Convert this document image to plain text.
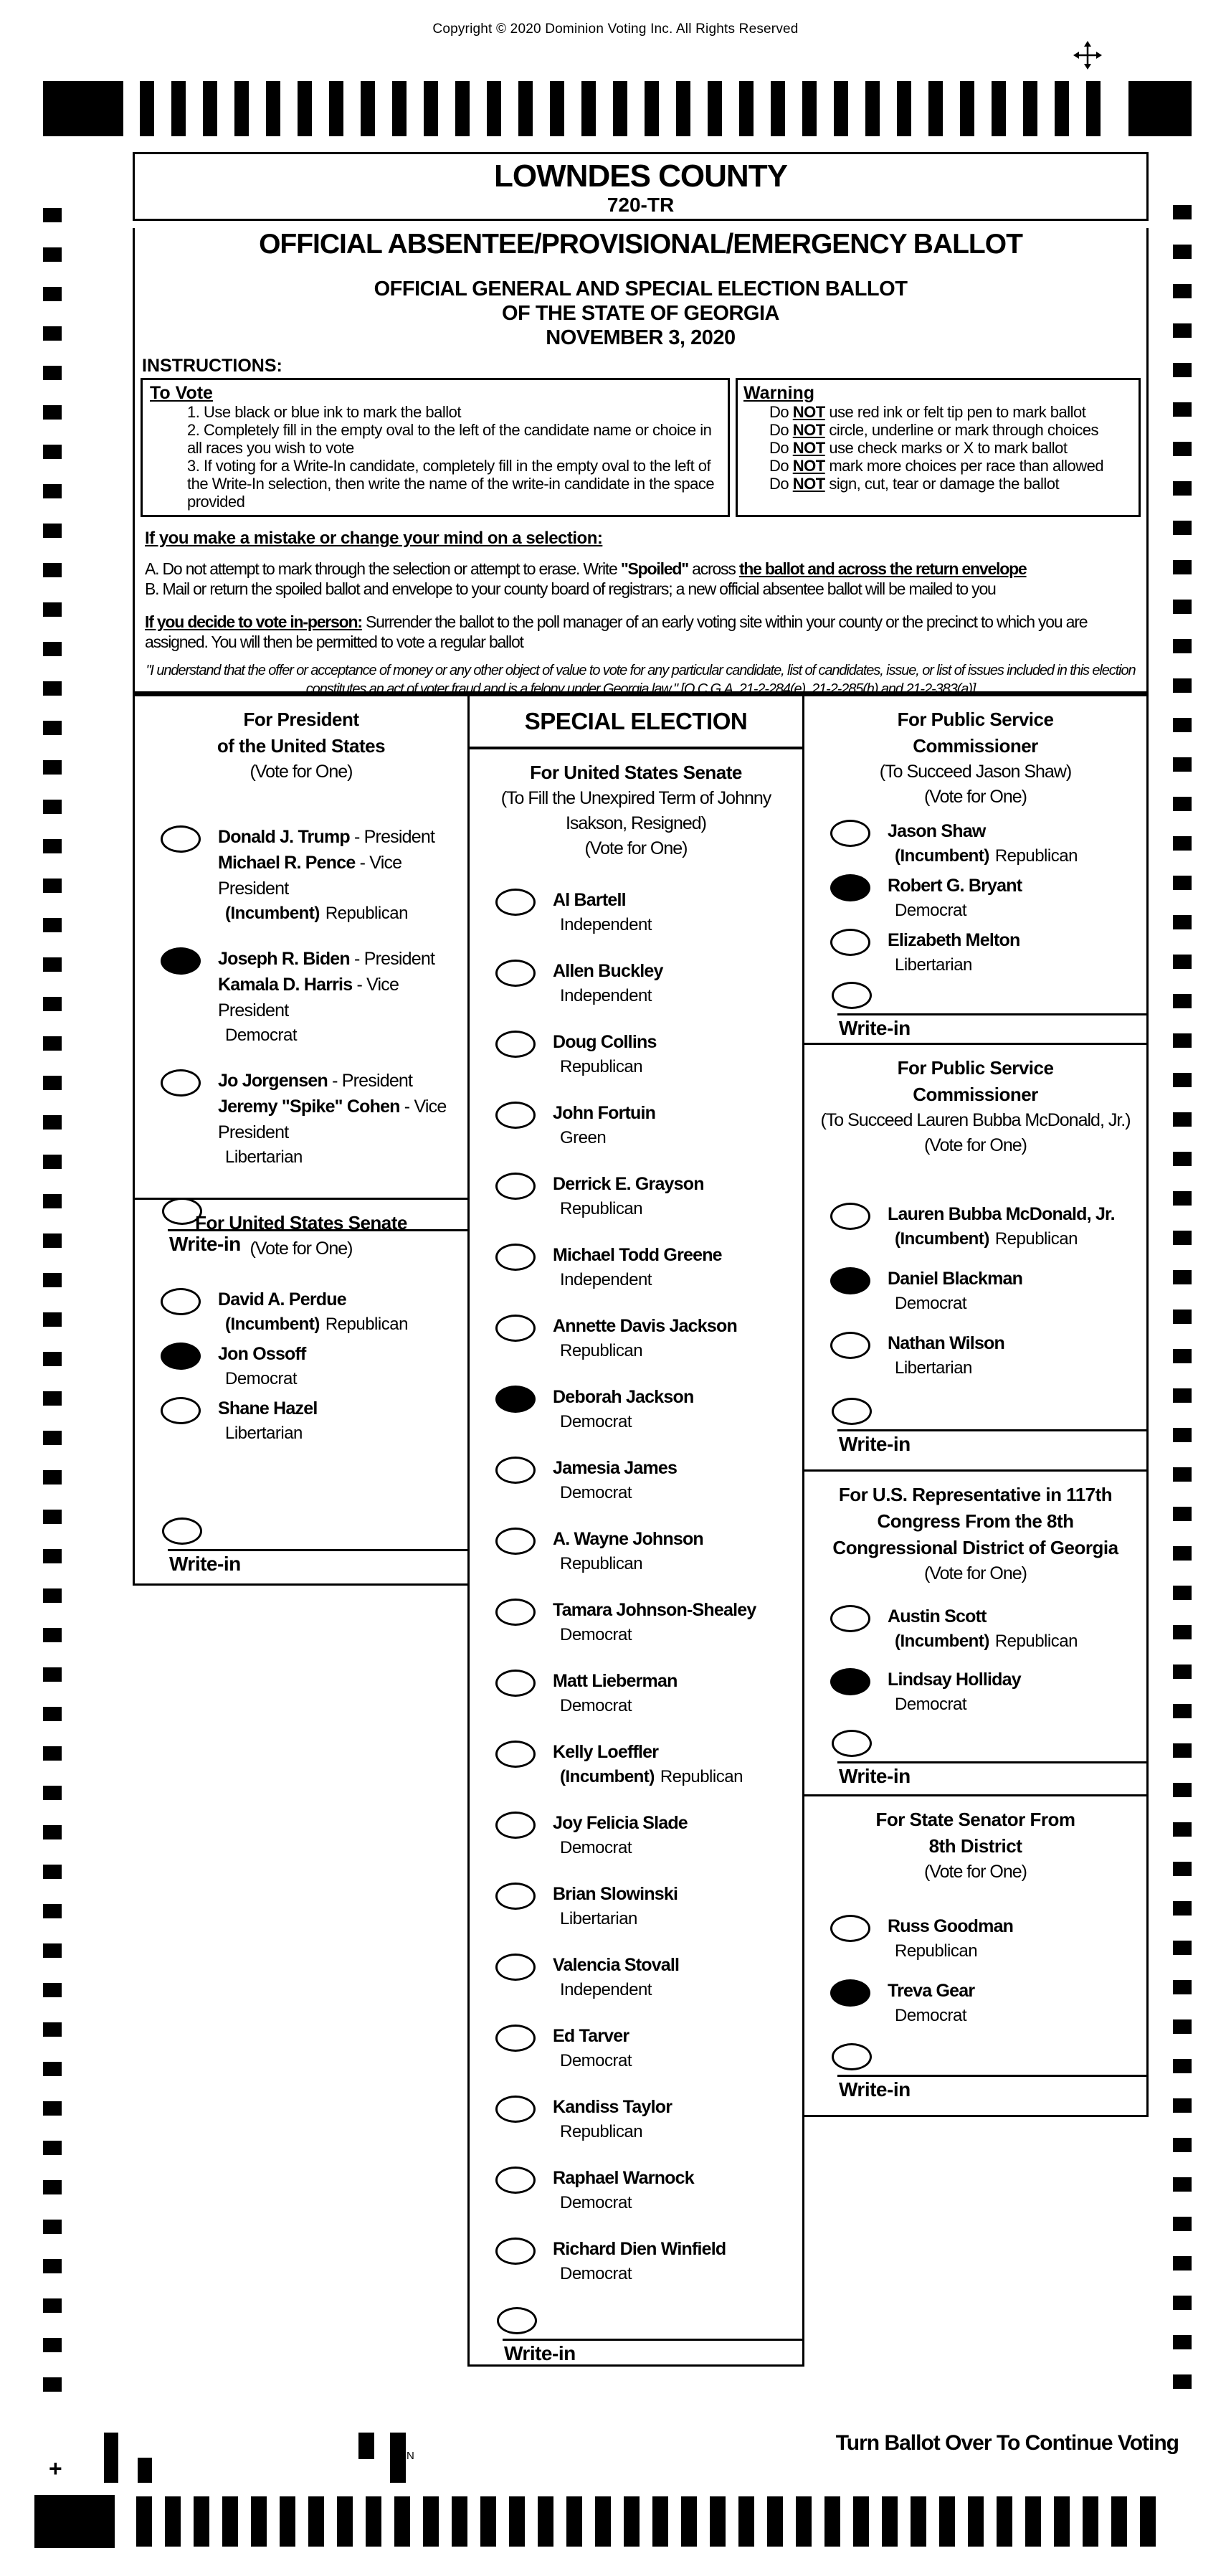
Copyright © 2020 Dominion Voting Inc. All Rights Reserved
LOWNDES COUNTY
720-TR
OFFICIAL ABSENTEE/PROVISIONAL/EMERGENCY BALLOT
OFFICIAL GENERAL AND SPECIAL ELECTION BALLOT
OF THE STATE OF GEORGIA
NOVEMBER 3, 2020
INSTRUCTIONS:
To Vote
1. Use black or blue ink to mark the ballot
2. Completely fill in the empty oval to the left of the candidate name or choice in all races you wish to vote
3. If voting for a Write-In candidate, completely fill in the empty oval to the left of the Write-In selection, then write the name of the write-in candidate in the space provided
Warning
Do NOT use red ink or felt tip pen to mark ballot
Do NOT circle, underline or mark through choices
Do NOT use check marks or X to mark ballot
Do NOT mark more choices per race than allowed
Do NOT sign, cut, tear or damage the ballot
If you make a mistake or change your mind on a selection:
A. Do not attempt to mark through the selection or attempt to erase. Write "Spoiled" across the ballot and across the return envelope
B. Mail or return the spoiled ballot and envelope to your county board of registrars; a new official absentee ballot will be mailed to you
If you decide to vote in-person: Surrender the ballot to the poll manager of an early voting site within your county or the precinct to which you are assigned. You will then be permitted to vote a regular ballot
"I understand that the offer or acceptance of money or any other object of value to vote for any particular candidate, list of candidates, issue, or list of issues included in this election constitutes an act of voter fraud and is a felony under Georgia law." [O.C.G.A. 21-2-284(e), 21-2-285(h) and 21-2-383(a)]
For President
of the United States
(Vote for One)
Donald J. Trump - President
Michael R. Pence - Vice President
(Incumbent) Republican
Joseph R. Biden - President
Kamala D. Harris - Vice President
Democrat
Jo Jorgensen - President
Jeremy "Spike" Cohen - Vice President
Libertarian
Write-in
For United States Senate
(Vote for One)
David A. Perdue
(Incumbent) Republican
Jon Ossoff
Democrat
Shane Hazel
Libertarian
Write-in
SPECIAL ELECTION
For United States Senate
(To Fill the Unexpired Term of Johnny
Isakson, Resigned)
(Vote for One)
Al Bartell
Independent
Allen Buckley
Independent
Doug Collins
Republican
John Fortuin
Green
Derrick E. Grayson
Republican
Michael Todd Greene
Independent
Annette Davis Jackson
Republican
Deborah Jackson
Democrat
Jamesia James
Democrat
A. Wayne Johnson
Republican
Tamara Johnson-Shealey
Democrat
Matt Lieberman
Democrat
Kelly Loeffler
(Incumbent) Republican
Joy Felicia Slade
Democrat
Brian Slowinski
Libertarian
Valencia Stovall
Independent
Ed Tarver
Democrat
Kandiss Taylor
Republican
Raphael Warnock
Democrat
Richard Dien Winfield
Democrat
Write-in
For Public Service
Commissioner
(To Succeed Jason Shaw)
(Vote for One)
Jason Shaw
(Incumbent) Republican
Robert G. Bryant
Democrat
Elizabeth Melton
Libertarian
Write-in
For Public Service
Commissioner
(To Succeed Lauren Bubba McDonald, Jr.)
(Vote for One)
Lauren Bubba McDonald, Jr.
(Incumbent) Republican
Daniel Blackman
Democrat
Nathan Wilson
Libertarian
Write-in
For U.S. Representative in 117th
Congress From the 8th
Congressional District of Georgia
(Vote for One)
Austin Scott
(Incumbent) Republican
Lindsay Holliday
Democrat
Write-in
For State Senator From
8th District
(Vote for One)
Russ Goodman
Republican
Treva Gear
Democrat
Write-in
Turn Ballot Over To Continue Voting
+	N
